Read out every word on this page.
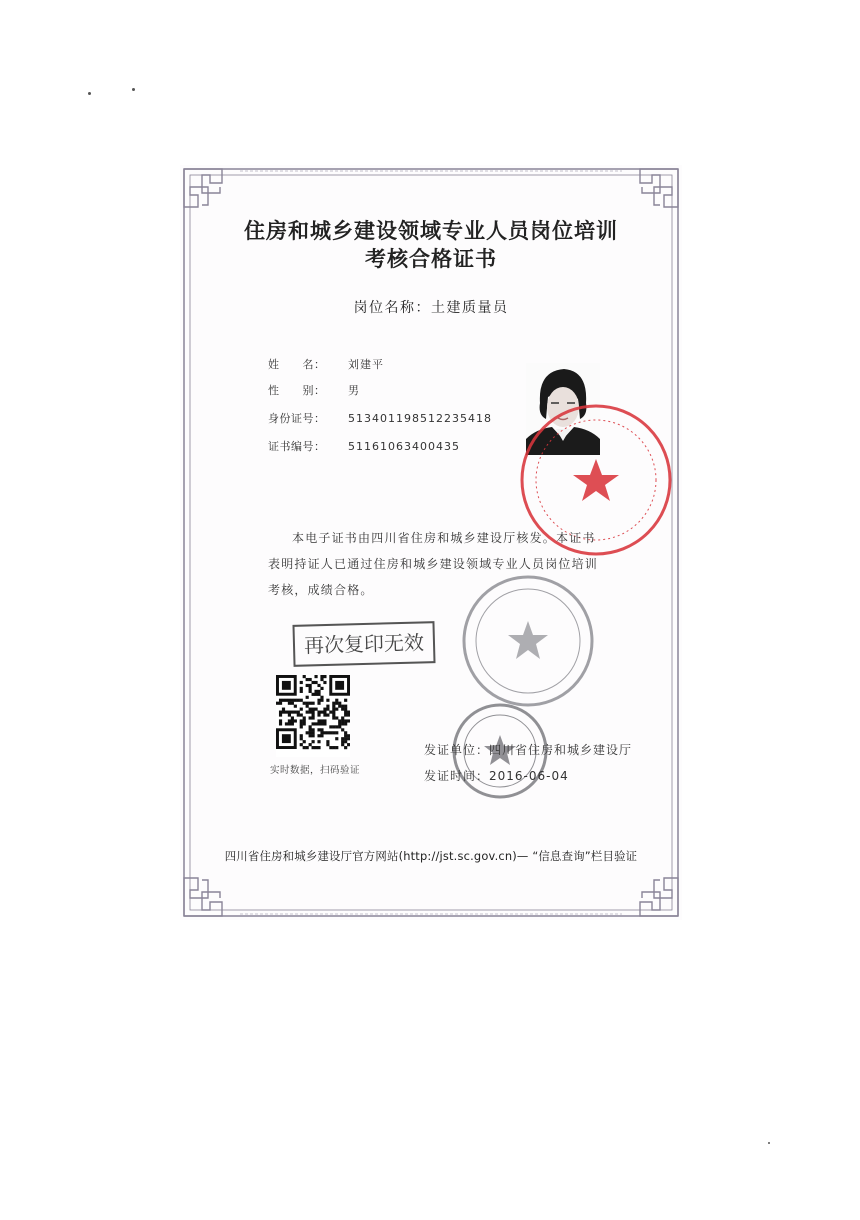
住房和城乡建设领域专业人员岗位培训
考核合格证书
岗位名称：土建质量员
姓　　名： 刘建平
性　　别： 男
身份证号： 513401198512235418
证书编号： 51161063400435
本电子证书由四川省住房和城乡建设厅核发。本证书表明持证人已通过住房和城乡建设领域专业人员岗位培训考核，成绩合格。
再次复印无效
实时数据，扫码验证
发证单位：四川省住房和城乡建设厅
发证时间：2016-06-04
四川省住房和城乡建设厅官方网站(http://jst.sc.gov.cn)— “信息查询”栏目验证
